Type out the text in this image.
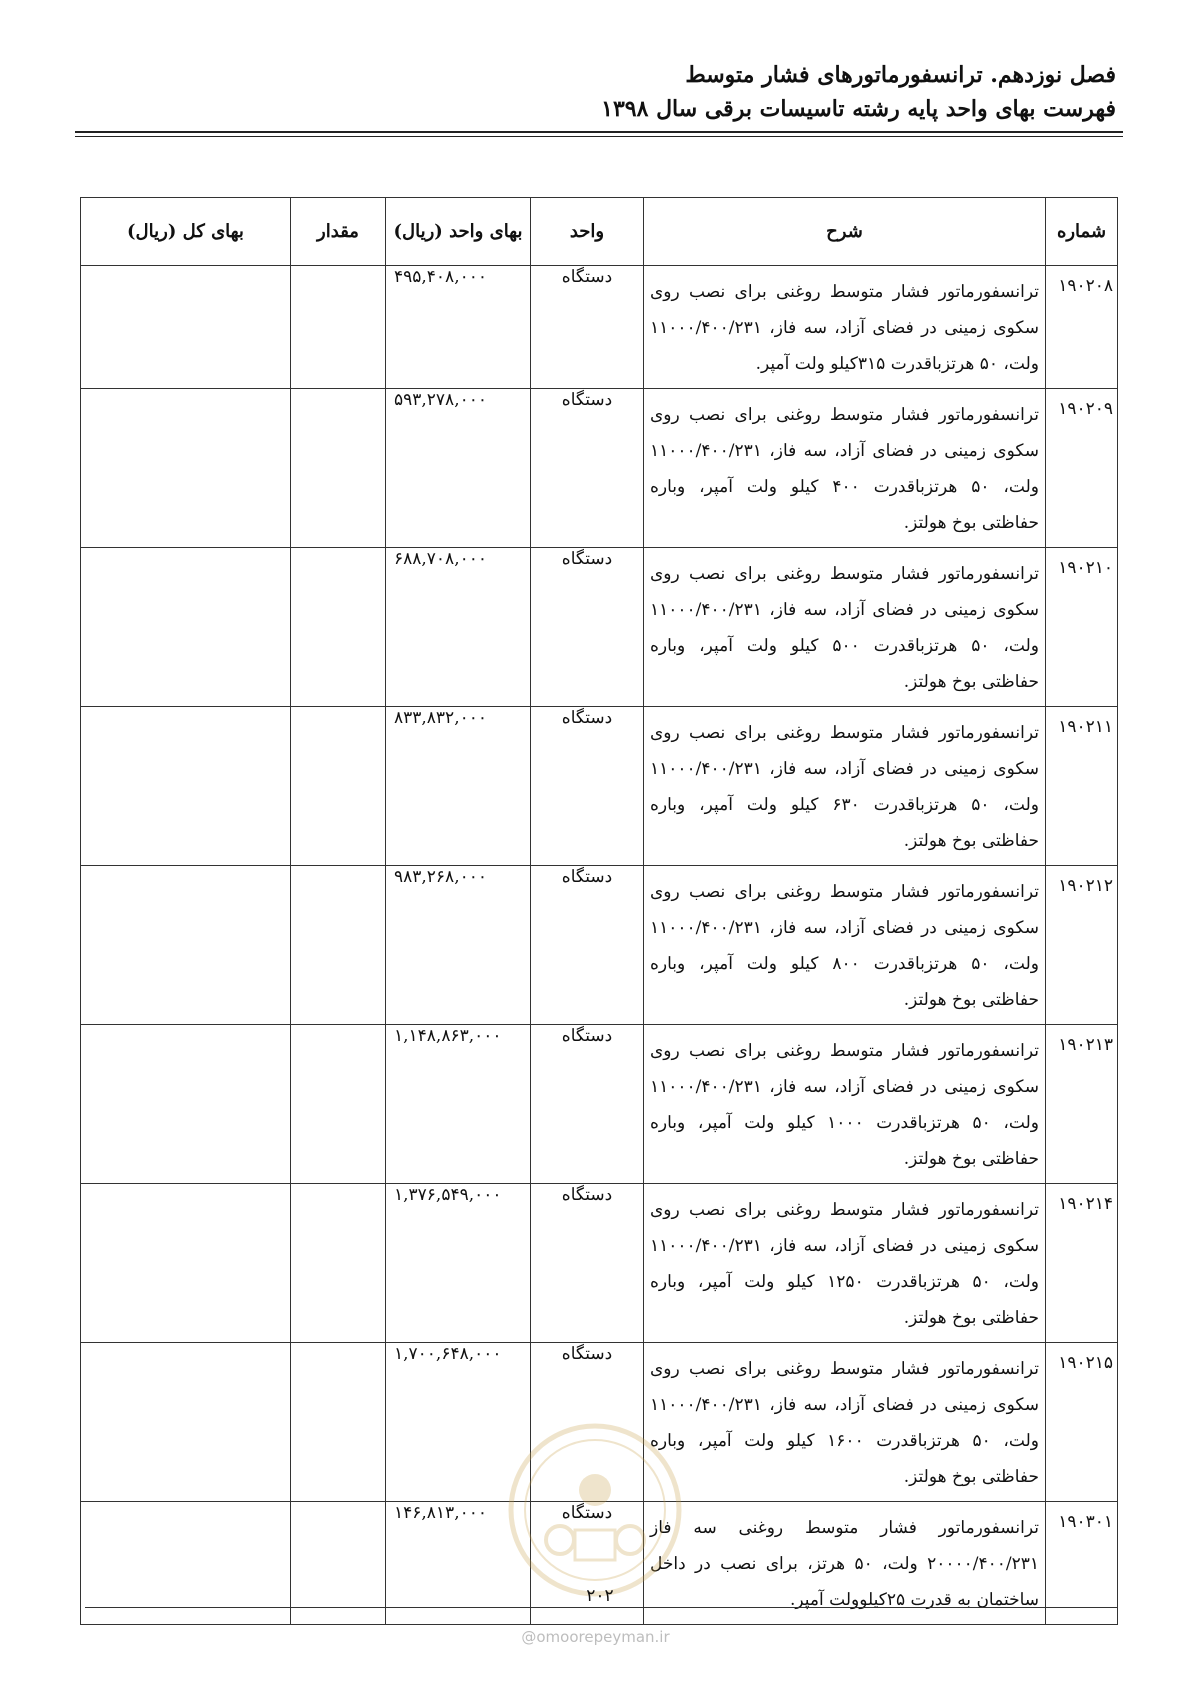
فصل نوزدهم. ترانسفورماتورهای فشار متوسط
فهرست بهای واحد پایه رشته تاسیسات برقی سال ۱۳۹۸
شماره	شرح	واحد	بهای واحد (ریال)	مقدار	بهای کل (ریال)
۱۹۰۲۰۸	ترانسفورماتور فشار متوسط روغنی برای نصب روی سکوی زمینی در فضای آزاد، سه فاز، ۱۱۰۰۰/۴۰۰/۲۳۱ ولت، ۵۰ هرتزباقدرت ۳۱۵کیلو ولت آمپر.	دستگاه	۴۹۵,۴۰۸,۰۰۰		
۱۹۰۲۰۹	ترانسفورماتور فشار متوسط روغنی برای نصب روی سکوی زمینی در فضای آزاد، سه فاز، ۱۱۰۰۰/۴۰۰/۲۳۱ ولت، ۵۰ هرتزباقدرت ۴۰۰ کیلو ولت آمپر، وباره حفاظتی بوخ هولتز.	دستگاه	۵۹۳,۲۷۸,۰۰۰		
۱۹۰۲۱۰	ترانسفورماتور فشار متوسط روغنی برای نصب روی سکوی زمینی در فضای آزاد، سه فاز، ۱۱۰۰۰/۴۰۰/۲۳۱ ولت، ۵۰ هرتزباقدرت ۵۰۰ کیلو ولت آمپر، وباره حفاظتی بوخ هولتز.	دستگاه	۶۸۸,۷۰۸,۰۰۰		
۱۹۰۲۱۱	ترانسفورماتور فشار متوسط روغنی برای نصب روی سکوی زمینی در فضای آزاد، سه فاز، ۱۱۰۰۰/۴۰۰/۲۳۱ ولت، ۵۰ هرتزباقدرت ۶۳۰ کیلو ولت آمپر، وباره حفاظتی بوخ هولتز.	دستگاه	۸۳۳,۸۳۲,۰۰۰		
۱۹۰۲۱۲	ترانسفورماتور فشار متوسط روغنی برای نصب روی سکوی زمینی در فضای آزاد، سه فاز، ۱۱۰۰۰/۴۰۰/۲۳۱ ولت، ۵۰ هرتزباقدرت ۸۰۰ کیلو ولت آمپر، وباره حفاظتی بوخ هولتز.	دستگاه	۹۸۳,۲۶۸,۰۰۰		
۱۹۰۲۱۳	ترانسفورماتور فشار متوسط روغنی برای نصب روی سکوی زمینی در فضای آزاد، سه فاز، ۱۱۰۰۰/۴۰۰/۲۳۱ ولت، ۵۰ هرتزباقدرت ۱۰۰۰ کیلو ولت آمپر، وباره حفاظتی بوخ هولتز.	دستگاه	۱,۱۴۸,۸۶۳,۰۰۰		
۱۹۰۲۱۴	ترانسفورماتور فشار متوسط روغنی برای نصب روی سکوی زمینی در فضای آزاد، سه فاز، ۱۱۰۰۰/۴۰۰/۲۳۱ ولت، ۵۰ هرتزباقدرت ۱۲۵۰ کیلو ولت آمپر، وباره حفاظتی بوخ هولتز.	دستگاه	۱,۳۷۶,۵۴۹,۰۰۰		
۱۹۰۲۱۵	ترانسفورماتور فشار متوسط روغنی برای نصب روی سکوی زمینی در فضای آزاد، سه فاز، ۱۱۰۰۰/۴۰۰/۲۳۱ ولت، ۵۰ هرتزباقدرت ۱۶۰۰ کیلو ولت آمپر، وباره حفاظتی بوخ هولتز.	دستگاه	۱,۷۰۰,۶۴۸,۰۰۰		
۱۹۰۳۰۱	ترانسفورماتور فشار متوسط روغنی سه فاز ۲۰۰۰۰/۴۰۰/۲۳۱ ولت، ۵۰ هرتز، برای نصب در داخل ساختمان به قدرت ۲۵کیلوولت آمپر.	دستگاه	۱۴۶,۸۱۳,۰۰۰		
۲۰۲
@omoorepeyman.ir
